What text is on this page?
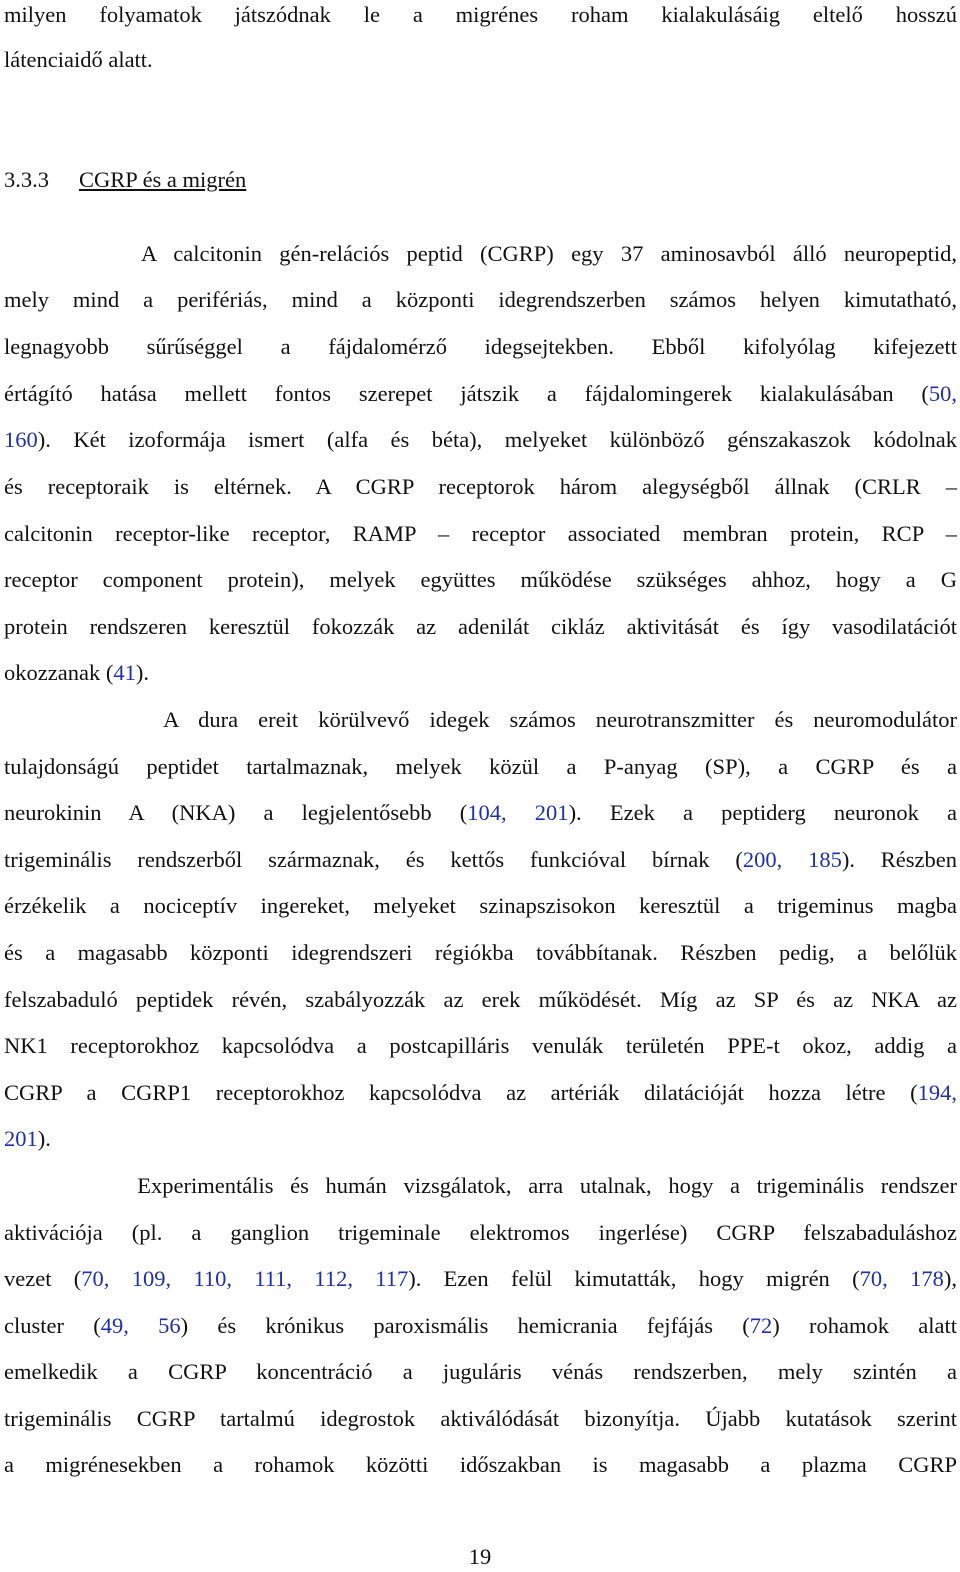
milyen folyamatok játszódnak le a migrénes roham kialakulásáig eltelő hosszú
látenciaidő alatt.
3.3.3 CGRP és a migrén
A calcitonin gén-relációs peptid (CGRP) egy 37 aminosavból álló neuropeptid,
mely mind a perifériás, mind a központi idegrendszerben számos helyen kimutatható,
legnagyobb sűrűséggel a fájdalomérző idegsejtekben. Ebből kifolyólag kifejezett
értágító hatása mellett fontos szerepet játszik a fájdalomingerek kialakulásában (50,
160). Két izoformája ismert (alfa és béta), melyeket különböző génszakaszok kódolnak
és receptoraik is eltérnek. A CGRP receptorok három alegységből állnak (CRLR –
calcitonin receptor-like receptor, RAMP – receptor associated membran protein, RCP –
receptor component protein), melyek együttes működése szükséges ahhoz, hogy a G
protein rendszeren keresztül fokozzák az adenilát cikláz aktivitását és így vasodilatációt
okozzanak (41).
A dura ereit körülvevő idegek számos neurotranszmitter és neuromodulátor
tulajdonságú peptidet tartalmaznak, melyek közül a P-anyag (SP), a CGRP és a
neurokinin A (NKA) a legjelentősebb (104, 201). Ezek a peptiderg neuronok a
trigeminális rendszerből származnak, és kettős funkcióval bírnak (200, 185). Részben
érzékelik a nociceptív ingereket, melyeket szinapszisokon keresztül a trigeminus magba
és a magasabb központi idegrendszeri régiókba továbbítanak. Részben pedig, a belőlük
felszabaduló peptidek révén, szabályozzák az erek működését. Míg az SP és az NKA az
NK1 receptorokhoz kapcsolódva a postcapilláris venulák területén PPE-t okoz, addig a
CGRP a CGRP1 receptorokhoz kapcsolódva az artériák dilatációját hozza létre (194,
201).
Experimentális és humán vizsgálatok, arra utalnak, hogy a trigeminális rendszer
aktivációja (pl. a ganglion trigeminale elektromos ingerlése) CGRP felszabaduláshoz
vezet (70, 109, 110, 111, 112, 117). Ezen felül kimutatták, hogy migrén (70, 178),
cluster (49, 56) és krónikus paroxismális hemicrania fejfájás (72) rohamok alatt
emelkedik a CGRP koncentráció a juguláris vénás rendszerben, mely szintén a
trigeminális CGRP tartalmú idegrostok aktiválódását bizonyítja. Újabb kutatások szerint
a migrénesekben a rohamok közötti időszakban is magasabb a plazma CGRP
19
